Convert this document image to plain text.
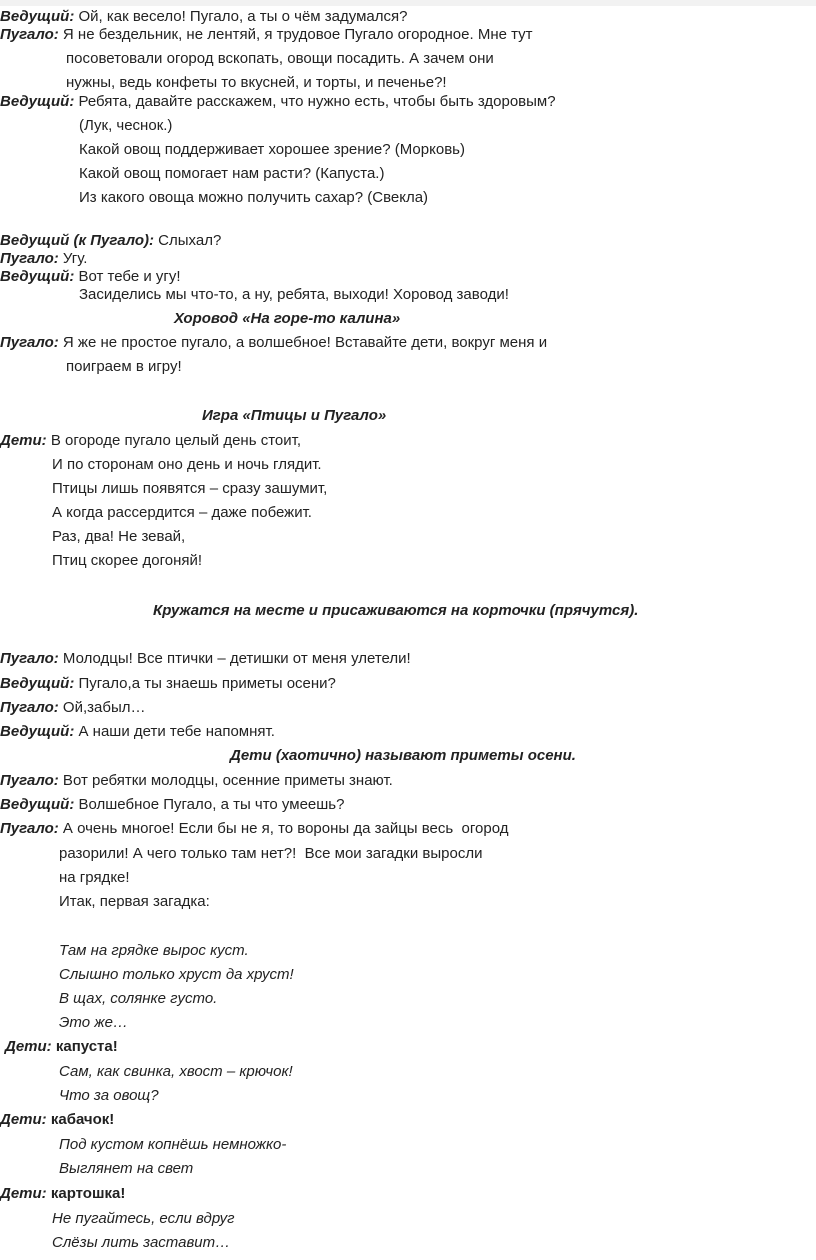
Ведущий: Ой, как весело! Пугало, а ты о чём задумался?
Пугало: Я не бездельник, не лентяй, я трудовое Пугало огородное. Мне тут
посоветовали огород вскопать, овощи посадить. А зачем они
нужны, ведь конфеты то вкусней, и торты, и печенье?!
Ведущий: Ребята, давайте расскажем, что нужно есть, чтобы быть здоровым?
(Лук, чеснок.)
Какой овощ поддерживает хорошее зрение? (Морковь)
Какой овощ помогает нам расти? (Капуста.)
Из какого овоща можно получить сахар? (Свекла)
Ведущий (к Пугало): Слыхал?
Пугало: Угу.
Ведущий: Вот тебе и угу!
Засиделись мы что-то, а ну, ребята, выходи! Хоровод заводи!
Хоровод «На горе-то калина»
Пугало: Я же не простое пугало, а волшебное! Вставайте дети, вокруг меня и
поиграем в игру!
Игра «Птицы и Пугало»
Дети: В огороде пугало целый день стоит,
И по сторонам оно день и ночь глядит.
Птицы лишь появятся – сразу зашумит,
А когда рассердится – даже побежит.
Раз, два! Не зевай,
Птиц скорее догоняй!
Кружатся на месте и присаживаются на корточки (прячутся).
Пугало: Молодцы! Все птички – детишки от меня улетели!
Ведущий: Пугало,а ты знаешь приметы осени?
Пугало: Ой,забыл…
Ведущий: А наши дети тебе напомнят.
Дети (хаотично) называют приметы осени.
Пугало: Вот ребятки молодцы, осенние приметы знают.
Ведущий: Волшебное Пугало, а ты что умеешь?
Пугало: А очень многое! Если бы не я, то вороны да зайцы весь  огород
разорили! А чего только там нет?!  Все мои загадки выросли
на грядке!
Итак, первая загадка:
Там на грядке вырос куст.
Слышно только хруст да хруст!
В щах, солянке густо.
Это же…
Дети: капуста!
Сам, как свинка, хвост – крючок!
Что за овощ?
Дети: кабачок!
Под кустом копнёшь немножко-
Выглянет на свет
Дети: картошка!
Не пугайтесь, если вдруг
Слёзы лить заставит…
